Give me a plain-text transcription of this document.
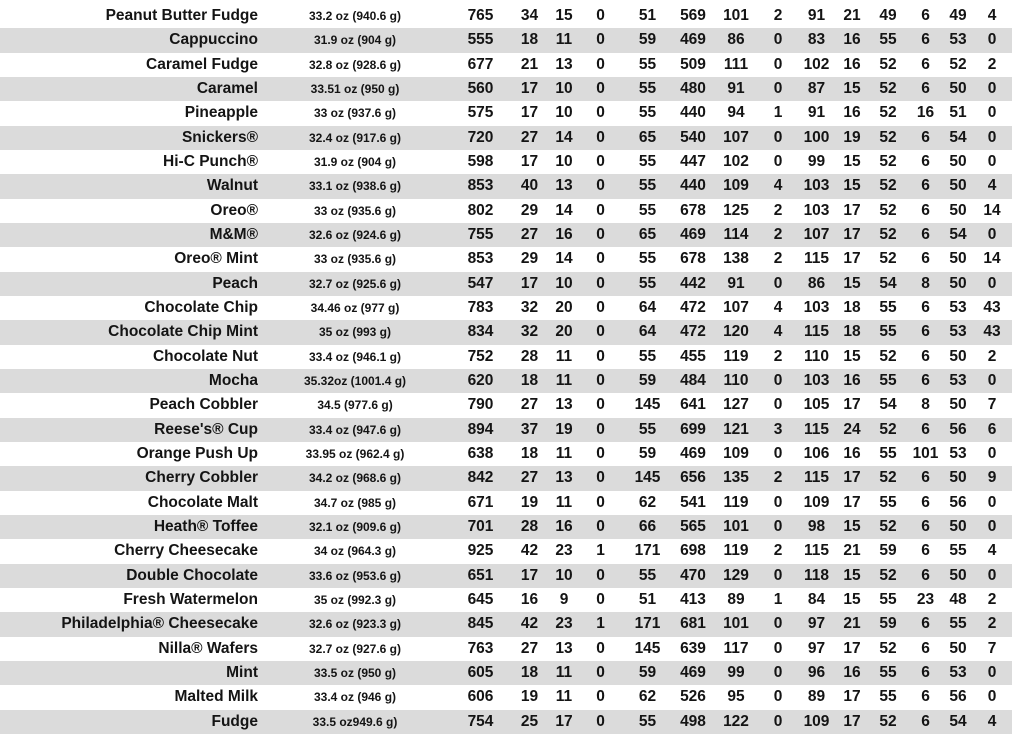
Peanut Butter Fudge	33.2 oz (940.6 g)	765	34	15	0	51	569	101	2	91	21	49	6	49	4
Cappuccino	31.9 oz (904 g)	555	18	11	0	59	469	86	0	83	16	55	6	53	0
Caramel Fudge	32.8 oz (928.6 g)	677	21	13	0	55	509	111	0	102	16	52	6	52	2
Caramel	33.51 oz (950 g)	560	17	10	0	55	480	91	0	87	15	52	6	50	0
Pineapple	33 oz (937.6 g)	575	17	10	0	55	440	94	1	91	16	52	16	51	0
Snickers®	32.4 oz (917.6 g)	720	27	14	0	65	540	107	0	100	19	52	6	54	0
Hi-C Punch®	31.9 oz (904 g)	598	17	10	0	55	447	102	0	99	15	52	6	50	0
Walnut	33.1 oz (938.6 g)	853	40	13	0	55	440	109	4	103	15	52	6	50	4
Oreo®	33 oz (935.6 g)	802	29	14	0	55	678	125	2	103	17	52	6	50	14
M&M®	32.6 oz (924.6 g)	755	27	16	0	65	469	114	2	107	17	52	6	54	0
Oreo® Mint	33 oz (935.6 g)	853	29	14	0	55	678	138	2	115	17	52	6	50	14
Peach	32.7 oz (925.6 g)	547	17	10	0	55	442	91	0	86	15	54	8	50	0
Chocolate Chip	34.46 oz (977 g)	783	32	20	0	64	472	107	4	103	18	55	6	53	43
Chocolate Chip Mint	35 oz (993 g)	834	32	20	0	64	472	120	4	115	18	55	6	53	43
Chocolate Nut	33.4 oz (946.1 g)	752	28	11	0	55	455	119	2	110	15	52	6	50	2
Mocha	35.32oz (1001.4 g)	620	18	11	0	59	484	110	0	103	16	55	6	53	0
Peach Cobbler	34.5 (977.6 g)	790	27	13	0	145	641	127	0	105	17	54	8	50	7
Reese's® Cup	33.4 oz (947.6 g)	894	37	19	0	55	699	121	3	115	24	52	6	56	6
Orange Push Up	33.95 oz (962.4 g)	638	18	11	0	59	469	109	0	106	16	55	101	53	0
Cherry Cobbler	34.2 oz (968.6 g)	842	27	13	0	145	656	135	2	115	17	52	6	50	9
Chocolate Malt	34.7 oz (985 g)	671	19	11	0	62	541	119	0	109	17	55	6	56	0
Heath® Toffee	32.1 oz (909.6 g)	701	28	16	0	66	565	101	0	98	15	52	6	50	0
Cherry Cheesecake	34 oz (964.3 g)	925	42	23	1	171	698	119	2	115	21	59	6	55	4
Double Chocolate	33.6 oz (953.6 g)	651	17	10	0	55	470	129	0	118	15	52	6	50	0
Fresh Watermelon	35 oz (992.3 g)	645	16	9	0	51	413	89	1	84	15	55	23	48	2
Philadelphia® Cheesecake	32.6 oz (923.3 g)	845	42	23	1	171	681	101	0	97	21	59	6	55	2
Nilla® Wafers	32.7 oz (927.6 g)	763	27	13	0	145	639	117	0	97	17	52	6	50	7
Mint	33.5 oz (950 g)	605	18	11	0	59	469	99	0	96	16	55	6	53	0
Malted Milk	33.4 oz (946 g)	606	19	11	0	62	526	95	0	89	17	55	6	56	0
Fudge	33.5 oz949.6 g)	754	25	17	0	55	498	122	0	109	17	52	6	54	4
